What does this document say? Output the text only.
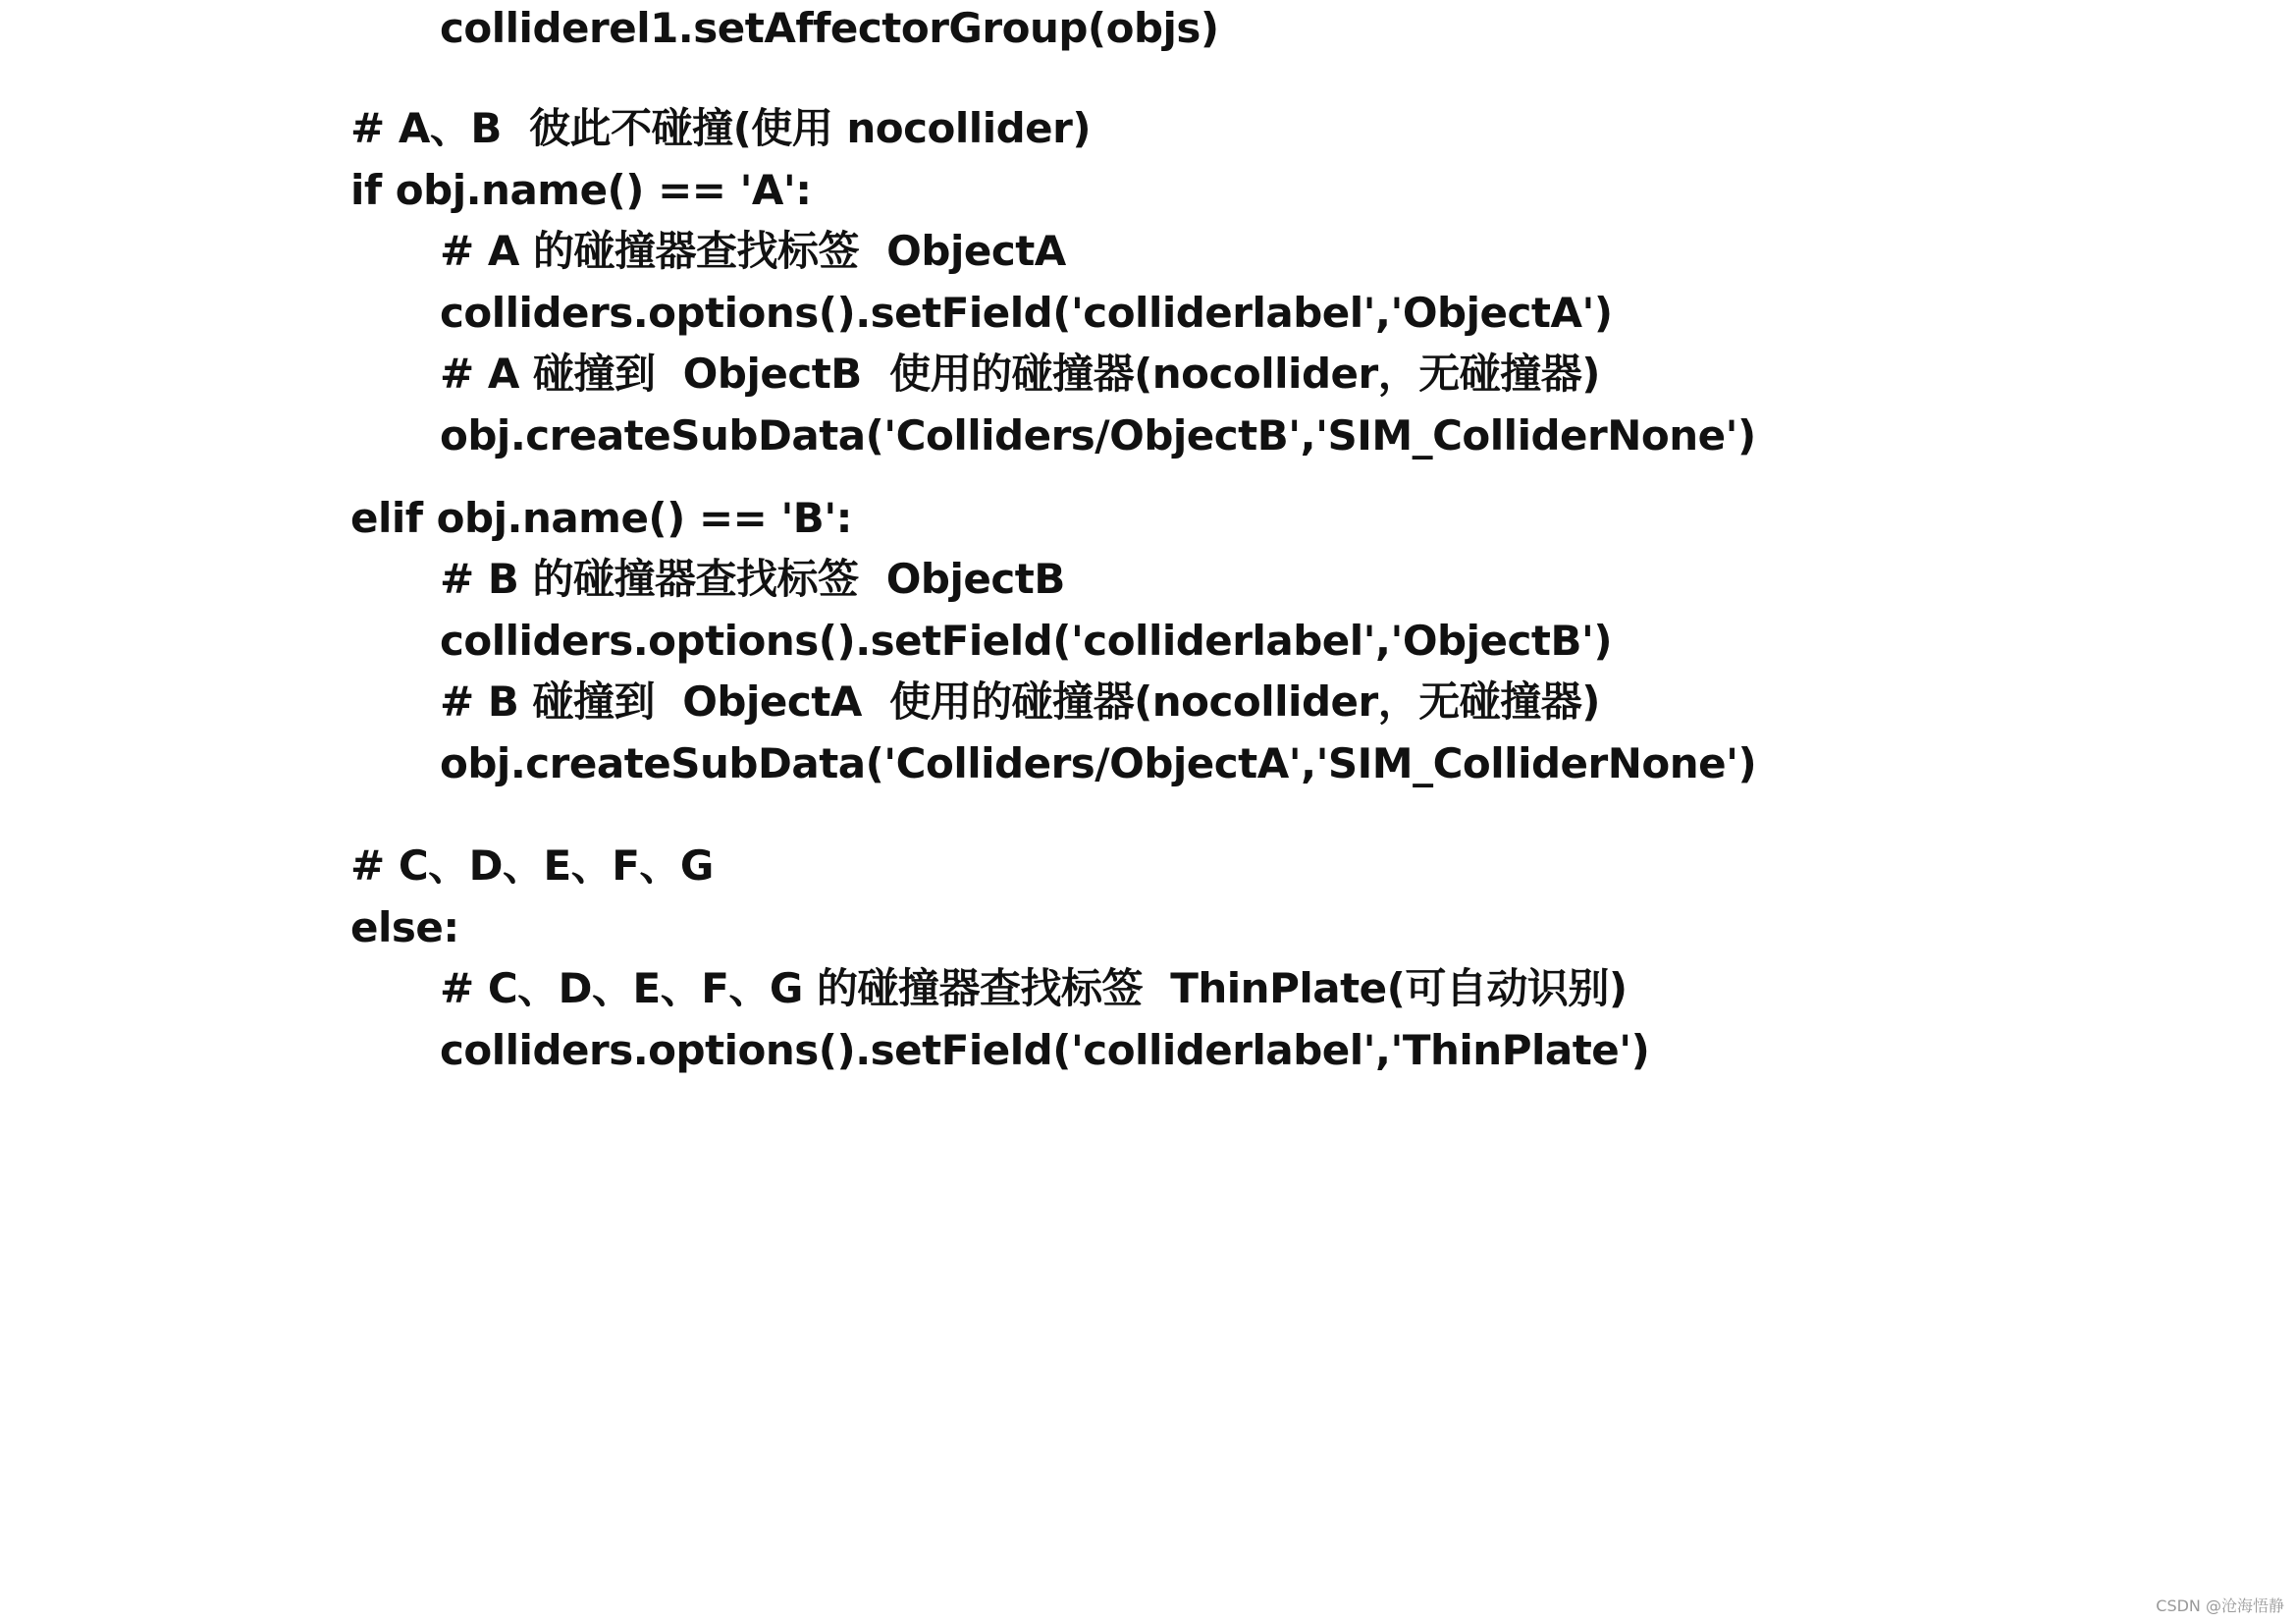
colliderel1.setAffectorGroup(objs)
# A、B  彼此不碰撞(使用 nocollider)
if obj.name() == 'A':
# A 的碰撞器查找标签  ObjectA
colliders.options().setField('colliderlabel','ObjectA')
# A 碰撞到  ObjectB  使用的碰撞器(nocollider，无碰撞器)
obj.createSubData('Colliders/ObjectB','SIM_ColliderNone')
elif obj.name() == 'B':
# B 的碰撞器查找标签  ObjectB
colliders.options().setField('colliderlabel','ObjectB')
# B 碰撞到  ObjectA  使用的碰撞器(nocollider，无碰撞器)
obj.createSubData('Colliders/ObjectA','SIM_ColliderNone')
# C、D、E、F、G
else:
# C、D、E、F、G 的碰撞器查找标签  ThinPlate(可自动识别)
colliders.options().setField('colliderlabel','ThinPlate')
CSDN @沧海悟静
